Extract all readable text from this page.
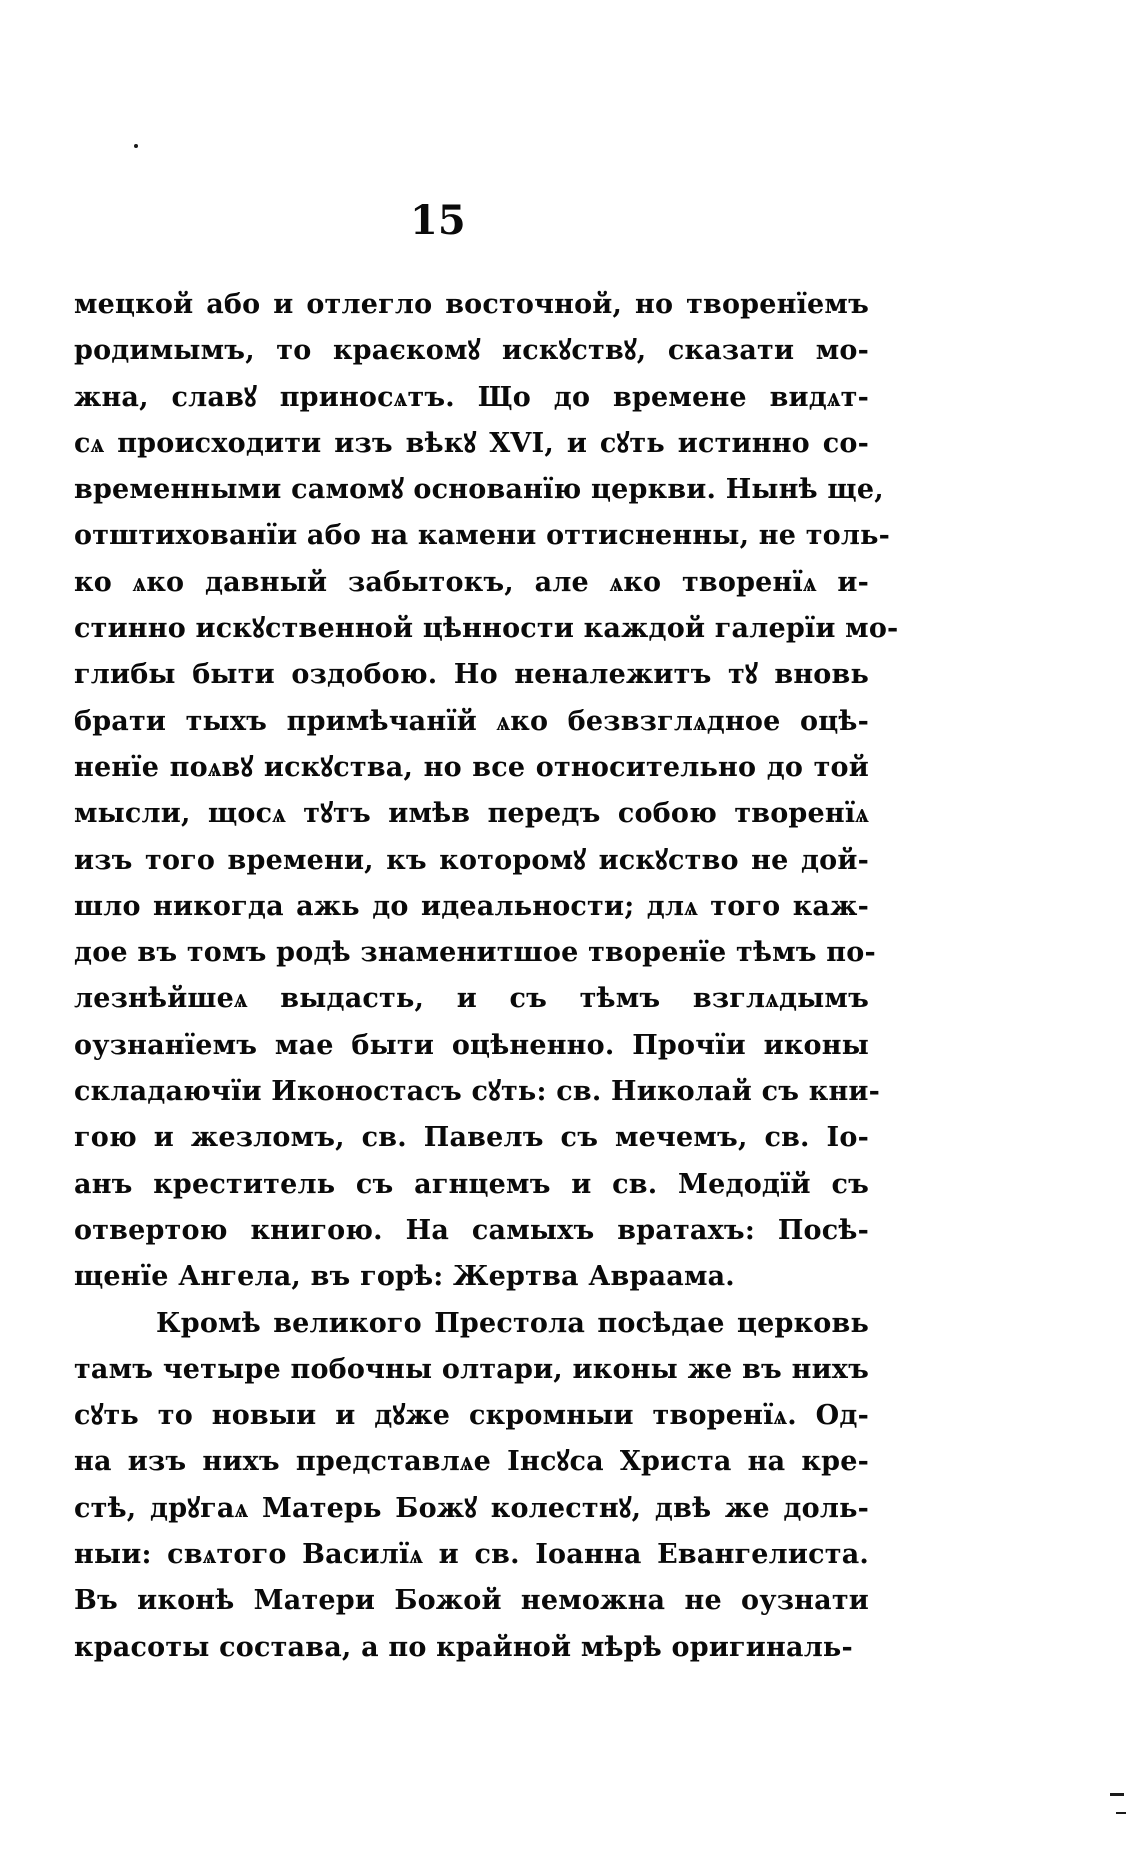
15
мецкой або и отлегло восточной, но творенїемъ
родимымъ, то краєкомꙋ искꙋствꙋ, сказати мо-
жна, славꙋ приносѧтъ. Що до времене видѧт-
сѧ происходити изъ вѣкꙋ XVI, и сꙋть истинно со-
временными самомꙋ основанїю церкви. Нынѣ ще,
отштихованїи або на камени оттисненны, не толь-
ко ѧко давный забытокъ, але ѧко творенїѧ и-
стинно искꙋственной цѣнности каждой галерїи мо-
глибы быти оздобою. Но неналежитъ тꙋ вновь
брати тыхъ примѣчанїй ѧко безвзглѧдное оцѣ-
ненїе поѧвꙋ искꙋства, но все относительно до той
мысли, щосѧ тꙋтъ имѣв передъ собою творенїѧ
изъ того времени, къ которомꙋ искꙋство не дой-
шло никогда ажь до идеальности; длѧ того каж-
дое въ томъ родѣ знаменитшое творенїе тѣмъ по-
лезнѣйшеѧ выдасть, и съ тѣмъ взглѧдымъ
оузнанїемъ мае быти оцѣненно. Прочїи иконы
складаючїи Иконостасъ сꙋть: св. Николай съ кни-
гою и жезломъ, св. Павелъ съ мечемъ, св. Іо-
анъ креститель съ агнцемъ и св. Медодїй съ
отвертою книгою. На самыхъ вратахъ: Посѣ-
щенїе Ангела, въ горѣ: Жертва Авраама.
Кромѣ великого Престола посѣдае церковь
тамъ четыре побочны олтари, иконы же въ нихъ
сꙋть то новыи и дꙋже скромныи творенїѧ. Од-
на изъ нихъ представлѧе Інсꙋса Христа на кре-
стѣ, дрꙋгаѧ Матерь Божꙋ колестнꙋ, двѣ же доль-
ныи: свѧтого Василїѧ и св. Іоанна Евангелиста.
Въ иконѣ Матери Божой неможна не оузнати
красоты состава, а по крайной мѣрѣ оригиналь-
